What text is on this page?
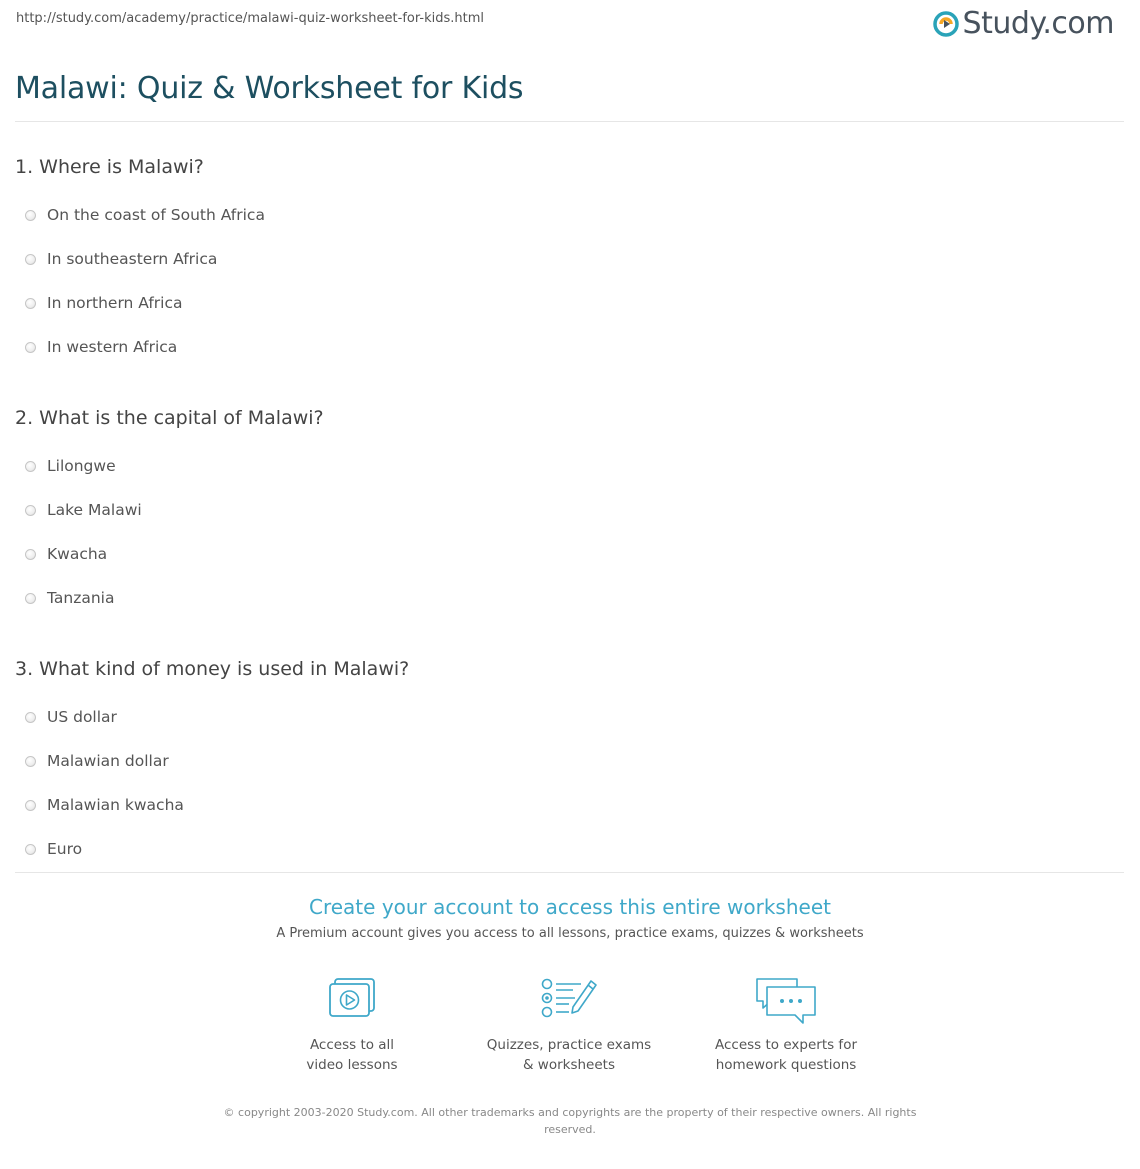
http://study.com/academy/practice/malawi-quiz-worksheet-for-kids.html	Study.com
Malawi: Quiz & Worksheet for Kids
1. Where is Malawi?
On the coast of South Africa
In southeastern Africa
In northern Africa
In western Africa
2. What is the capital of Malawi?
Lilongwe
Lake Malawi
Kwacha
Tanzania
3. What kind of money is used in Malawi?
US dollar
Malawian dollar
Malawian kwacha
Euro
Create your account to access this entire worksheet
A Premium account gives you access to all lessons, practice exams, quizzes & worksheets
Access to all
video lessons
Quizzes, practice exams
& worksheets
Access to experts for
homework questions
© copyright 2003-2020 Study.com. All other trademarks and copyrights are the property of their respective owners. All rights reserved.
